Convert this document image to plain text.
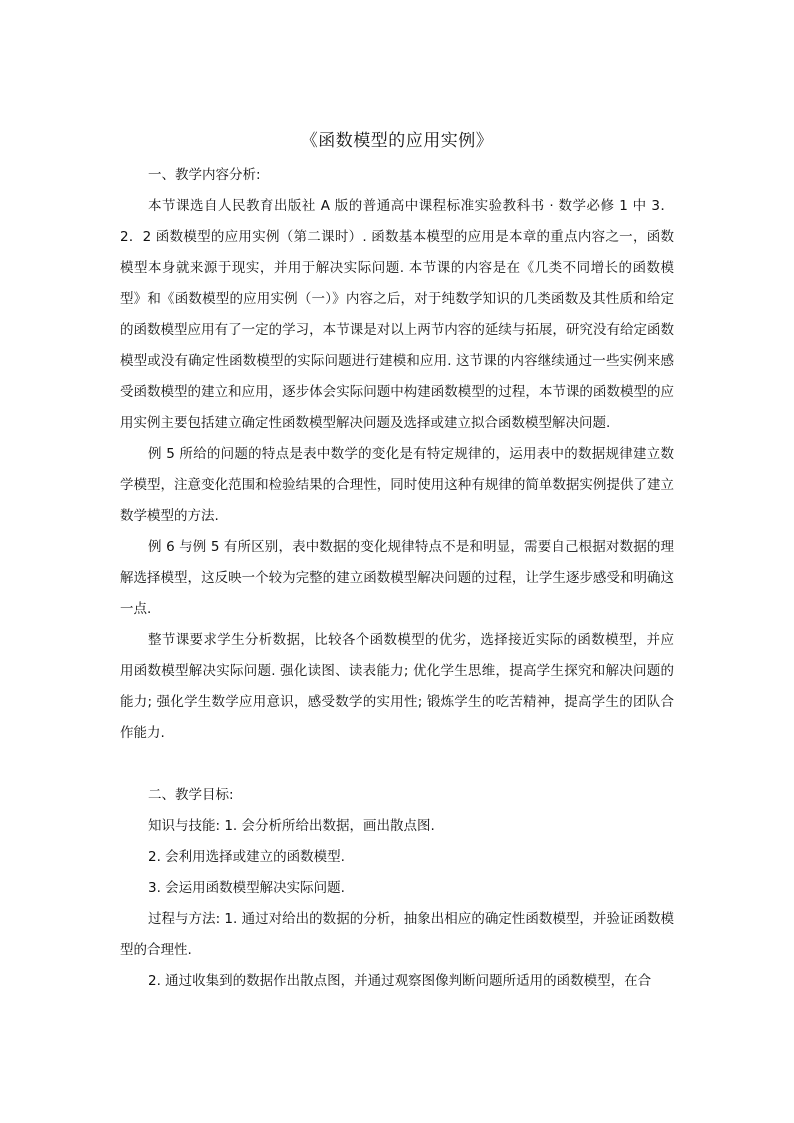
《函数模型的应用实例》

一、教学内容分析:

本节课选自人民教育出版社 A 版的普通高中课程标准实验教科书 · 数学必修 1 中 3．2．2 函数模型的应用实例（第二课时）. 函数基本模型的应用是本章的重点内容之一，函数模型本身就来源于现实，并用于解决实际问题. 本节课的内容是在《几类不同增长的函数模型》和《函数模型的应用实例（一）》内容之后，对于纯数学知识的几类函数及其性质和给定的函数模型应用有了一定的学习，本节课是对以上两节内容的延续与拓展，研究没有给定函数模型或没有确定性函数模型的实际问题进行建模和应用. 这节课的内容继续通过一些实例来感受函数模型的建立和应用，逐步体会实际问题中构建函数模型的过程，本节课的函数模型的应用实例主要包括建立确定性函数模型解决问题及选择或建立拟合函数模型解决问题.

例 5 所给的问题的特点是表中数学的变化是有特定规律的，运用表中的数据规律建立数学模型，注意变化范围和检验结果的合理性，同时使用这种有规律的简单数据实例提供了建立数学模型的方法.

例 6 与例 5 有所区别，表中数据的变化规律特点不是和明显，需要自己根据对数据的理解选择模型，这反映一个较为完整的建立函数模型解决问题的过程，让学生逐步感受和明确这一点.

整节课要求学生分析数据，比较各个函数模型的优劣，选择接近实际的函数模型，并应用函数模型解决实际问题. 强化读图、读表能力; 优化学生思维，提高学生探究和解决问题的能力; 强化学生数学应用意识，感受数学的实用性; 锻炼学生的吃苦精神，提高学生的团队合作能力.

二、教学目标:

知识与技能: 1. 会分析所给出数据，画出散点图.

2. 会利用选择或建立的函数模型.

3. 会运用函数模型解决实际问题.

过程与方法: 1. 通过对给出的数据的分析，抽象出相应的确定性函数模型，并验证函数模型的合理性.

2. 通过收集到的数据作出散点图，并通过观察图像判断问题所适用的函数模型，在合
